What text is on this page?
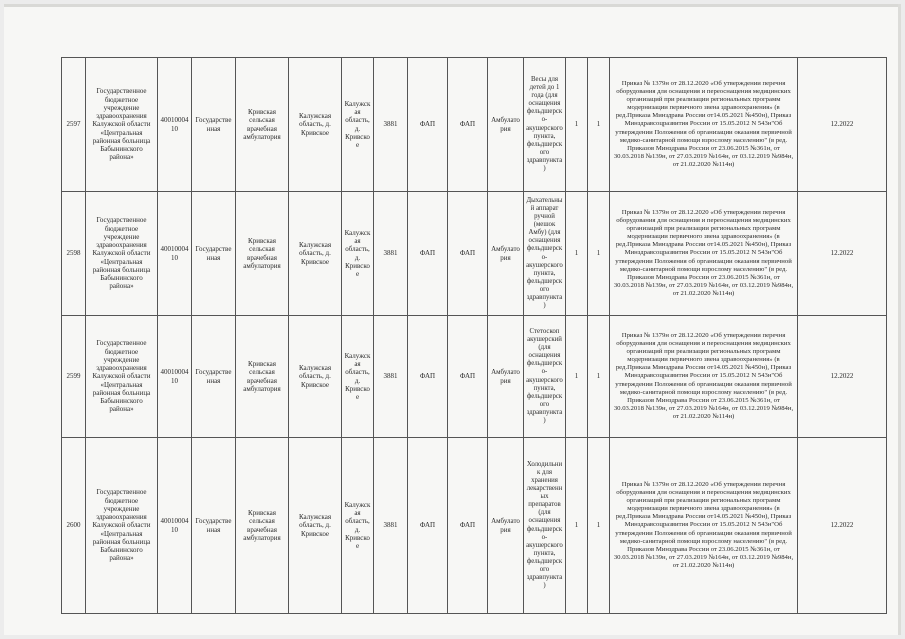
2597	Государственное бюджетное учреждение здравоохранения Калужской области «Центральная районная больница Бабынинского района»	4001000410	Государственная	Кривская сельская врачебная амбулатория	Калужская область, д. Кривское	Калужская область, д. Кривское	3881	ФАП	ФАП	Амбулатория	Весы для детей до 1 года (для оснащения фельдшерско-акушерского пункта, фельдшерского здравпункта)	1	1	Приказ № 1379н от 28.12.2020 «Об утверждении перечня оборудования для оснащения и переоснащения медицинских организаций при реализации региональных программ модернизации первичного звена здравоохранения» (в ред.Приказа Минздрава России от14.05.2021 №450н), Приказ Минздравсоцразвития России от 15.05.2012 N 543н"Об утверждении Положения об организации оказания первичной медико-санитарной помощи взрослому населению" (в ред. Приказов Минздрава России от 23.06.2015 №361н, от 30.03.2018 №139н, от 27.03.2019 №164н, от 03.12.2019 №984н, от 21.02.2020 №114н)	12.2022
2598	Государственное бюджетное учреждение здравоохранения Калужской области «Центральная районная больница Бабынинского района»	4001000410	Государственная	Кривская сельская врачебная амбулатория	Калужская область, д. Кривское	Калужская область, д. Кривское	3881	ФАП	ФАП	Амбулатория	Дыхательный аппарат ручной (мешок Амбу) (для оснащения фельдшерско-акушерского пункта, фельдшерского здравпункта)	1	1	Приказ № 1379н от 28.12.2020 «Об утверждении перечня оборудования для оснащения и переоснащения медицинских организаций при реализации региональных программ модернизации первичного звена здравоохранения» (в ред.Приказа Минздрава России от14.05.2021 №450н), Приказ Минздравсоцразвития России от 15.05.2012 N 543н"Об утверждении Положения об организации оказания первичной медико-санитарной помощи взрослому населению" (в ред. Приказов Минздрава России от 23.06.2015 №361н, от 30.03.2018 №139н, от 27.03.2019 №164н, от 03.12.2019 №984н, от 21.02.2020 №114н)	12.2022
2599	Государственное бюджетное учреждение здравоохранения Калужской области «Центральная районная больница Бабынинского района»	4001000410	Государственная	Кривская сельская врачебная амбулатория	Калужская область, д. Кривское	Калужская область, д. Кривское	3881	ФАП	ФАП	Амбулатория	Стетоскоп акушерский (для оснащения фельдшерско-акушерского пункта, фельдшерского здравпункта)	1	1	Приказ № 1379н от 28.12.2020 «Об утверждении перечня оборудования для оснащения и переоснащения медицинских организаций при реализации региональных программ модернизации первичного звена здравоохранения» (в ред.Приказа Минздрава России от14.05.2021 №450н), Приказ Минздравсоцразвития России от 15.05.2012 N 543н"Об утверждении Положения об организации оказания первичной медико-санитарной помощи взрослому населению" (в ред. Приказов Минздрава России от 23.06.2015 №361н, от 30.03.2018 №139н, от 27.03.2019 №164н, от 03.12.2019 №984н, от 21.02.2020 №114н)	12.2022
2600	Государственное бюджетное учреждение здравоохранения Калужской области «Центральная районная больница Бабынинского района»	4001000410	Государственная	Кривская сельская врачебная амбулатория	Калужская область, д. Кривское	Калужская область, д. Кривское	3881	ФАП	ФАП	Амбулатория	Холодильник для хранения лекарственных препаратов (для оснащения фельдшерско-акушерского пункта, фельдшерского здравпункта)	1	1	Приказ № 1379н от 28.12.2020 «Об утверждении перечня оборудования для оснащения и переоснащения медицинских организаций при реализации региональных программ модернизации первичного звена здравоохранения» (в ред.Приказа Минздрава России от14.05.2021 №450н), Приказ Минздравсоцразвития России от 15.05.2012 N 543н"Об утверждении Положения об организации оказания первичной медико-санитарной помощи взрослому населению" (в ред. Приказов Минздрава России от 23.06.2015 №361н, от 30.03.2018 №139н, от 27.03.2019 №164н, от 03.12.2019 №984н, от 21.02.2020 №114н)	12.2022
